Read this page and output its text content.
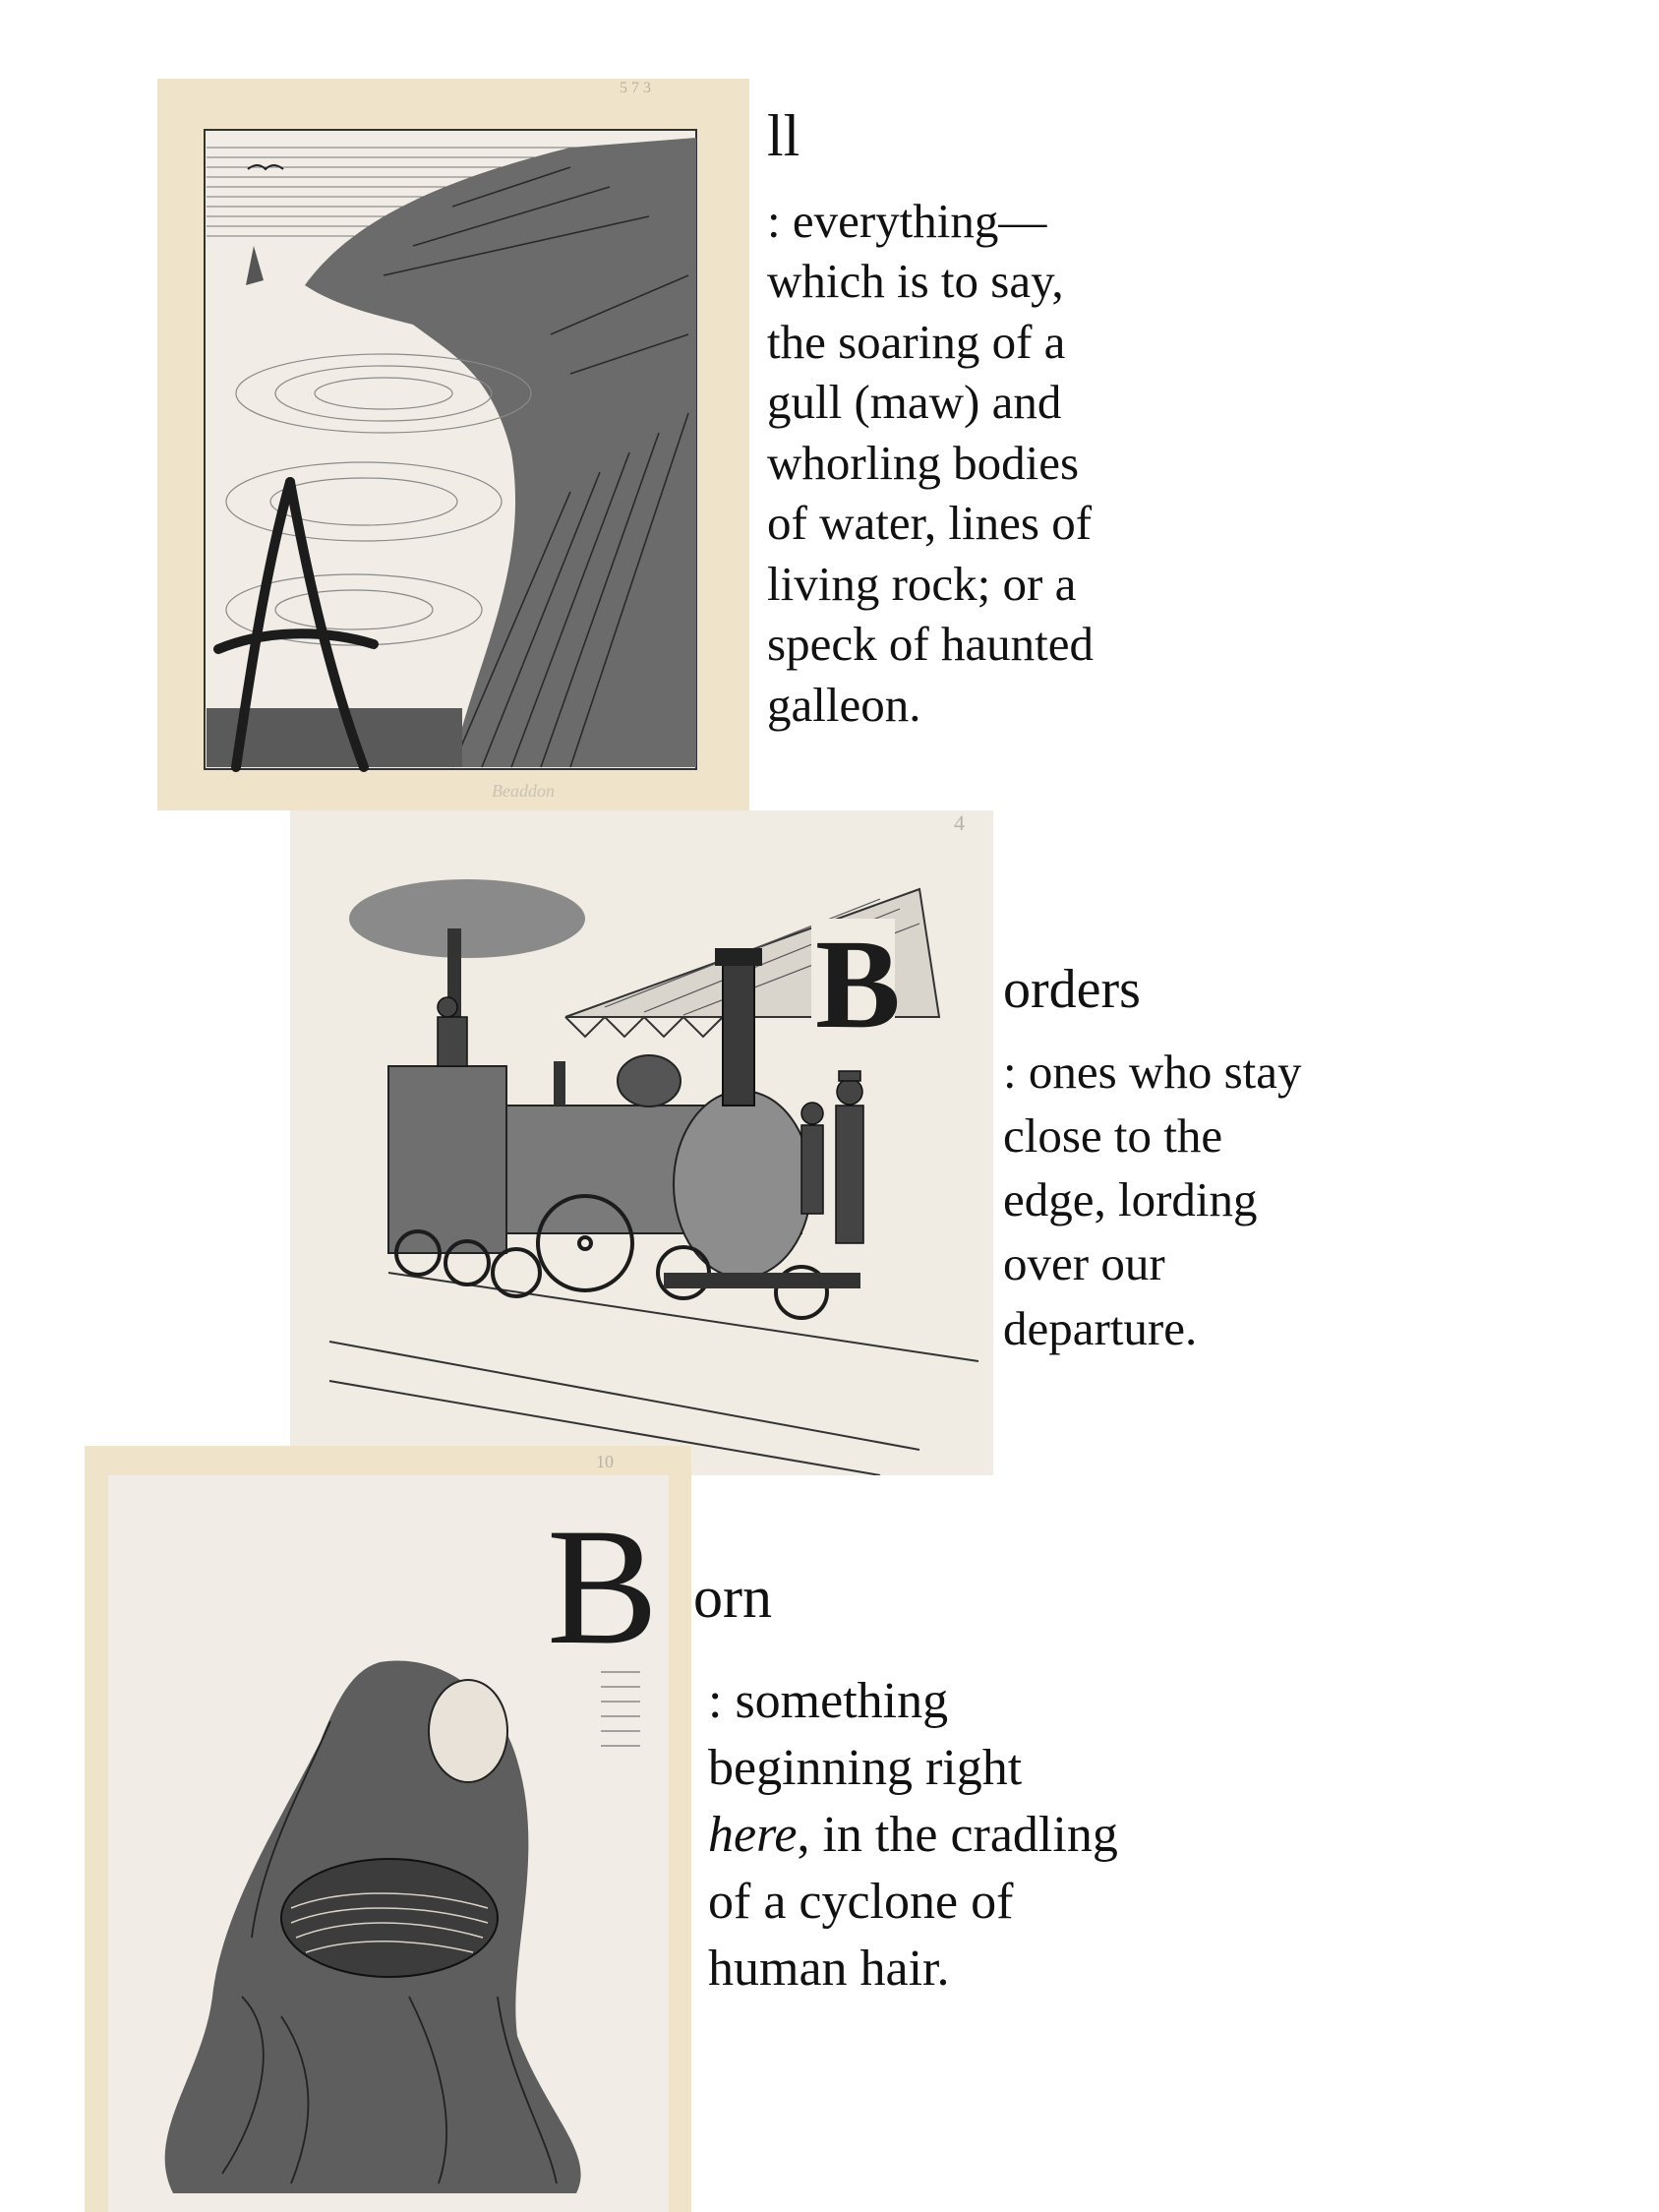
5 7 3
Beaddon
ll

: everything—
which is to say,
the soaring of a
gull (maw) and
whorling bodies
of water, lines of
living rock; or a
speck of haunted
galleon.

B
4
orders

: ones who stay
close to the
edge, lording
over our
departure.

B
10
orn

: something
beginning right
here, in the cradling
of a cyclone of
human hair.
